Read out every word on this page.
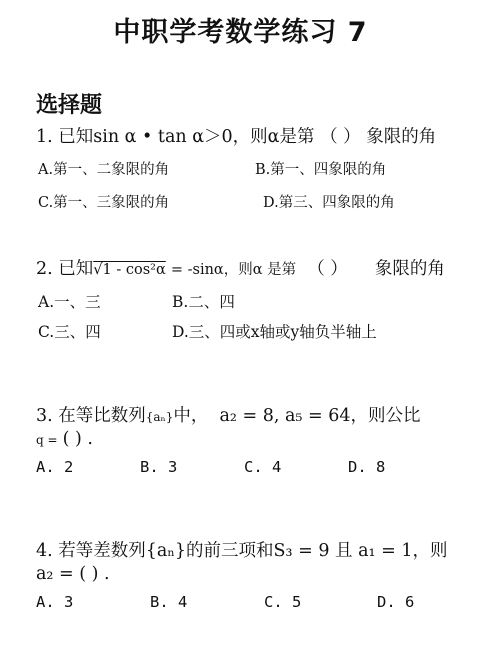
中职学考数学练习 7
选择题
1. 已知sin α • tan α＞0，则α是第 （ ） 象限的角
A.第一、二象限的角	B.第一、四象限的角
C.第一、三象限的角	D.第三、四象限的角
2. 已知√1 - cos²α = -sinα，则α 是第 （ ） 象限的角
A.一、三	B.二、四
C.三、四	D.三、四或x轴或y轴负半轴上
3. 在等比数列{aₙ}中， a₂ = 8, a₅ = 64，则公比
q = ( ) .
A. 2	B. 3	C. 4	D. 8
4. 若等差数列{aₙ}的前三项和S₃ = 9 且 a₁ = 1，则
a₂ = ( ) .
A. 3	B. 4	C. 5	D. 6
